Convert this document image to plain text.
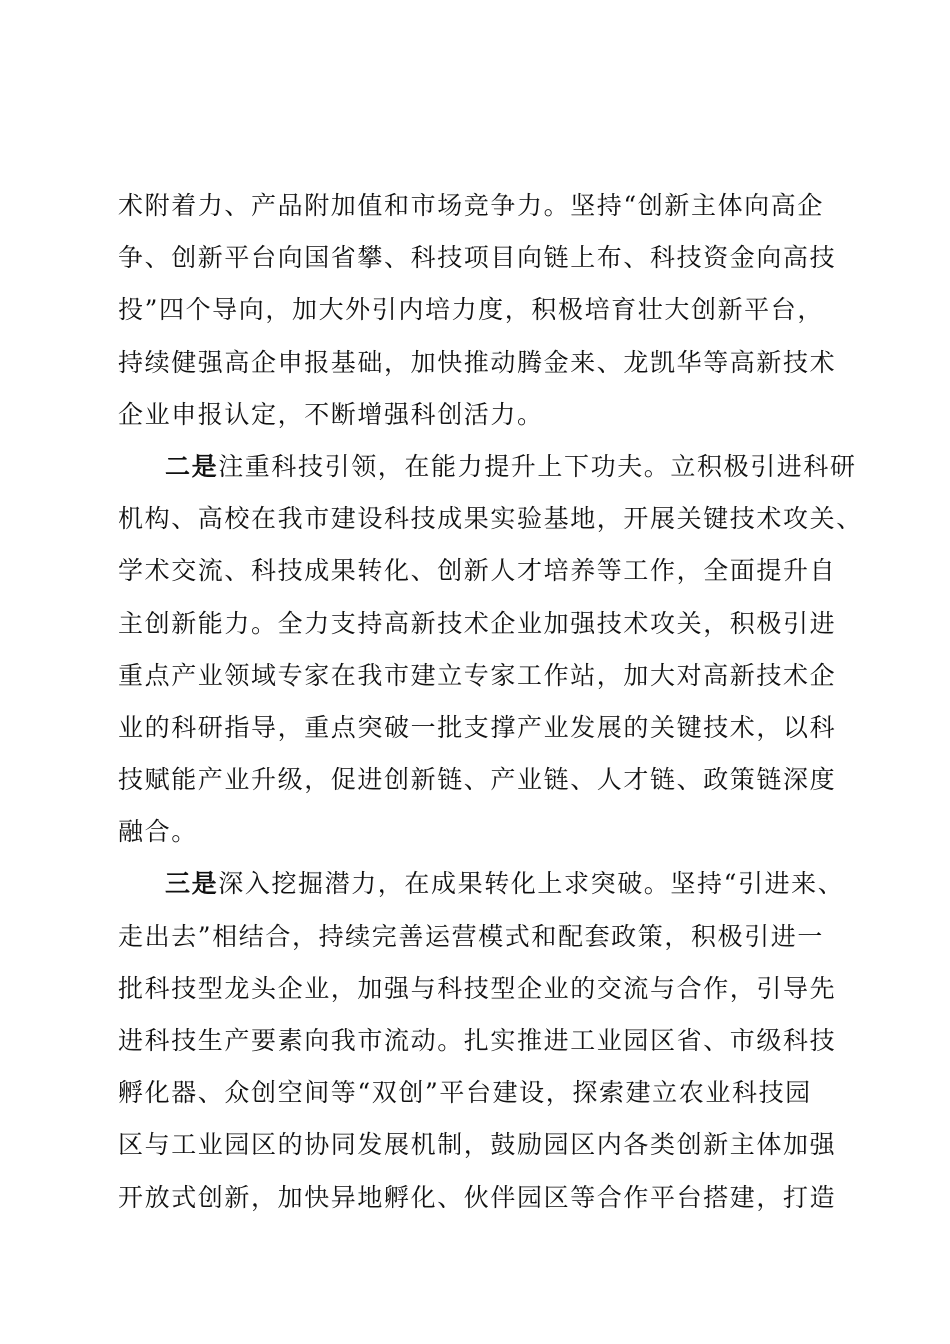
术附着力、产品附加值和市场竞争力。坚持“创新主体向高企
争、创新平台向国省攀、科技项目向链上布、科技资金向高技
投”四个导向，加大外引内培力度，积极培育壮大创新平台，
持续健强高企申报基础，加快推动腾金来、龙凯华等高新技术
企业申报认定，不断增强科创活力。
二是注重科技引领，在能力提升上下功夫。立积极引进科研
机构、高校在我市建设科技成果实验基地，开展关键技术攻关、
学术交流、科技成果转化、创新人才培养等工作，全面提升自
主创新能力。全力支持高新技术企业加强技术攻关，积极引进
重点产业领域专家在我市建立专家工作站，加大对高新技术企
业的科研指导，重点突破一批支撑产业发展的关键技术，以科
技赋能产业升级，促进创新链、产业链、人才链、政策链深度
融合。
三是深入挖掘潜力，在成果转化上求突破。坚持“引进来、
走出去”相结合，持续完善运营模式和配套政策，积极引进一
批科技型龙头企业，加强与科技型企业的交流与合作，引导先
进科技生产要素向我市流动。扎实推进工业园区省、市级科技
孵化器、众创空间等“双创”平台建设，探索建立农业科技园
区与工业园区的协同发展机制，鼓励园区内各类创新主体加强
开放式创新，加快异地孵化、伙伴园区等合作平台搭建，打造
